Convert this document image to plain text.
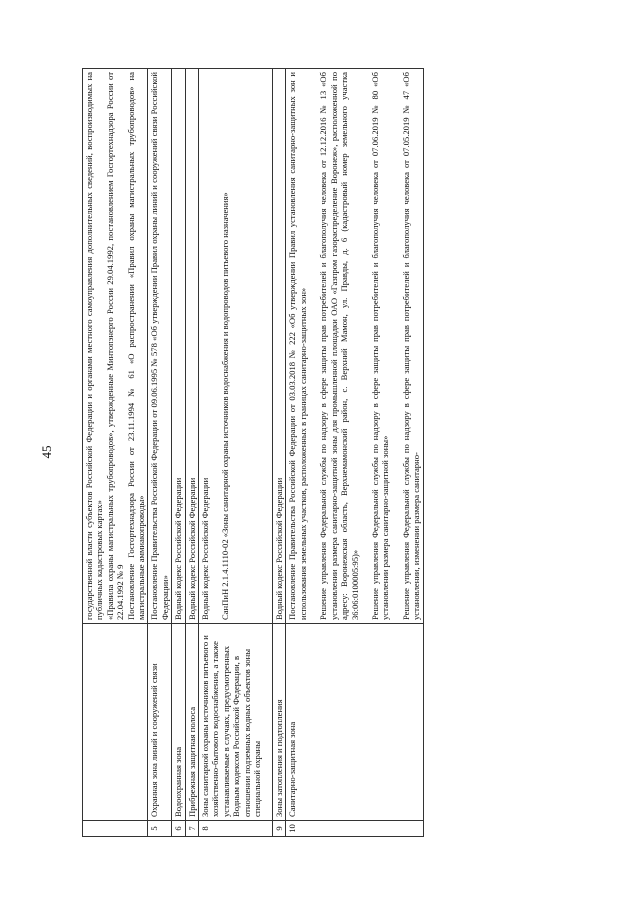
45

		государственной власти субъектов Российской Федерации и органами местного самоуправления дополнительных сведений, воспроизводимых на публичных кадастровых картах» «Правила охраны магистральных трубопроводов», утвержденные Минтопэнерго России 29.04.1992, постановлением Госгортехнадзора России от 22.04.1992 № 9 Постановление Госгортехнадзора России от 23.11.1994 № 61 «О распространении «Правил охраны магистральных трубопроводов» на магистральные аммиакопроводы»

5	Охранная зона линий и сооружений связи	Постановление Правительства Российской Федерации от 09.06.1995 № 578 «Об утверждении Правил охраны линий и сооружений связи Российской Федерации»

6	Водоохранная зона	Водный кодекс Российской Федерации

7	Прибрежная защитная полоса	Водный кодекс Российской Федерации

8	Зоны санитарной охраны источников питьевого и хозяйственно-бытового водоснабжения, а также устанавливаемые в случаях, предусмотренных Водным кодексом Российской Федерации, в отношении подземных водных объектов зоны специальной охраны	Водный кодекс Российской Федерации СанПиН 2.1.4.1110-02 «Зоны санитарной охраны источников водоснабжения и водопроводов питьевого назначения»

9	Зоны затопления и подтопления	Водный кодекс Российской Федерации

10	Санитарно-защитная зона	Постановление Правительства Российской Федерации от 03.03.2018 № 222 «Об утверждении Правил установления санитарно-защитных зон и использования земельных участков, расположенных в границах санитарно-защитных зон» Решение управления Федеральной службы по надзору в сфере защиты прав потребителей и благополучия человека от 12.12.2016 № 13 «Об установлении размера санитарно-защитной зоны для промышленной площадки ОАО «Газпром газораспределение Воронеж», расположенной по адресу: Воронежская область, Верхнемамонский район, с. Верхний Мамон, ул. Правды, д. 6 (кадастровый номер земельного участка 36:06:0100005:95)» Решение управления Федеральной службы по надзору в сфере защиты прав потребителей и благополучия человека от 07.06.2019 № 80 «Об установлении размера санитарно-защитной зоны» Решение управления Федеральной службы по надзору в сфере защиты прав потребителей и благополучия человека от 07.05.2019 № 47 «Об установлении, изменении размера санитарно-
